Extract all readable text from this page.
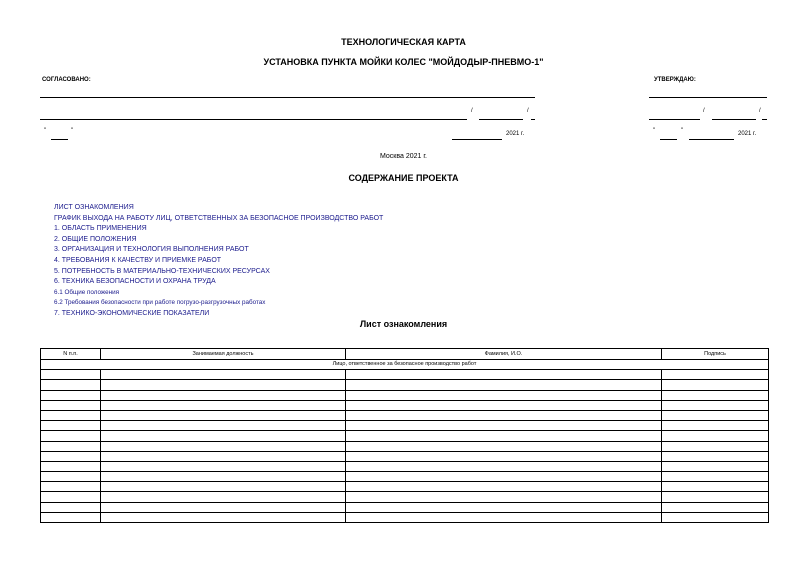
ТЕХНОЛОГИЧЕСКАЯ КАРТА
УСТАНОВКА ПУНКТА МОЙКИ КОЛЕС "МОЙДОДЫР-ПНЕВМО-1"
СОГЛАСОВАНО:
/	/
"	"	2021 г.
УТВЕРЖДАЮ:
/	/
"	"	2021 г.
Москва 2021 г.
СОДЕРЖАНИЕ ПРОЕКТА
ЛИСТ ОЗНАКОМЛЕНИЯ
ГРАФИК ВЫХОДА НА РАБОТУ ЛИЦ, ОТВЕТСТВЕННЫХ ЗА БЕЗОПАСНОЕ ПРОИЗВОДСТВО РАБОТ
1. ОБЛАСТЬ ПРИМЕНЕНИЯ
2. ОБЩИЕ ПОЛОЖЕНИЯ
3. ОРГАНИЗАЦИЯ И ТЕХНОЛОГИЯ ВЫПОЛНЕНИЯ РАБОТ
4. ТРЕБОВАНИЯ К КАЧЕСТВУ И ПРИЕМКЕ РАБОТ
5. ПОТРЕБНОСТЬ В МАТЕРИАЛЬНО-ТЕХНИЧЕСКИХ РЕСУРСАХ
6. ТЕХНИКА БЕЗОПАСНОСТИ И ОХРАНА ТРУДА
6.1 Общие положения
6.2 Требования безопасности при работе погрузо-разгрузочных работах
7. ТЕХНИКО-ЭКОНОМИЧЕСКИЕ ПОКАЗАТЕЛИ
Лист ознакомления
N п.п.	Занимаемая должность	Фамилия, И.О.	Подпись
Лицо, ответственное за безопасное производство работ			
